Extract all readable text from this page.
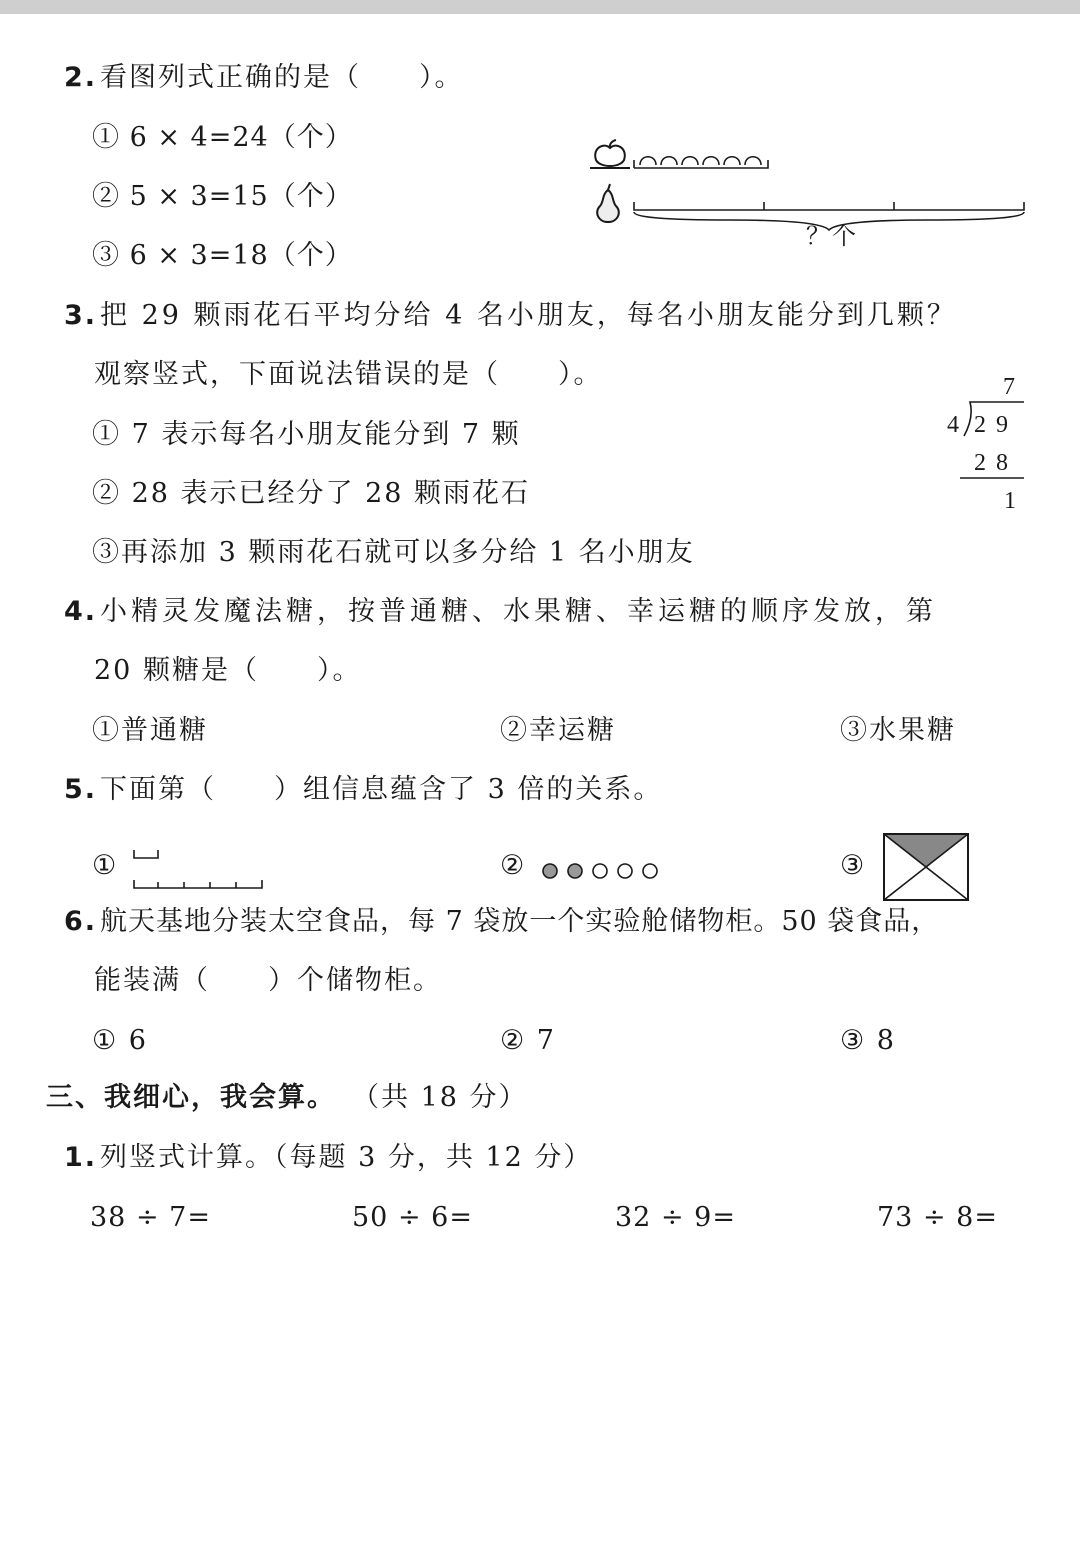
2. 看图列式正确的是（　　）。
① 6 × 4=24（个）
② 5 × 3=15（个）
③ 6 × 3=18（个）
？个
3. 把 29 颗雨花石平均分给 4 名小朋友，每名小朋友能分到几颗？
观察竖式，下面说法错误的是（　　）。
① 7 表示每名小朋友能分到 7 颗
② 28 表示已经分了 28 颗雨花石
③再添加 3 颗雨花石就可以多分给 1 名小朋友
7
4 2 9
2 8
1
4. 小精灵发魔法糖，按普通糖、水果糖、幸运糖的顺序发放，第
20 颗糖是（　　）。
①普通糖	②幸运糖	③水果糖
5. 下面第（　　）组信息蕴含了 3 倍的关系。
①	②	③
6. 航天基地分装太空食品，每 7 袋放一个实验舱储物柜。50 袋食品，
能装满（　　）个储物柜。
① 6	② 7	③ 8
三、我细心，我会算。 （共 18 分）
1. 列竖式计算。（每题 3 分，共 12 分）
38 ÷ 7=	50 ÷ 6=	32 ÷ 9=	73 ÷ 8=
